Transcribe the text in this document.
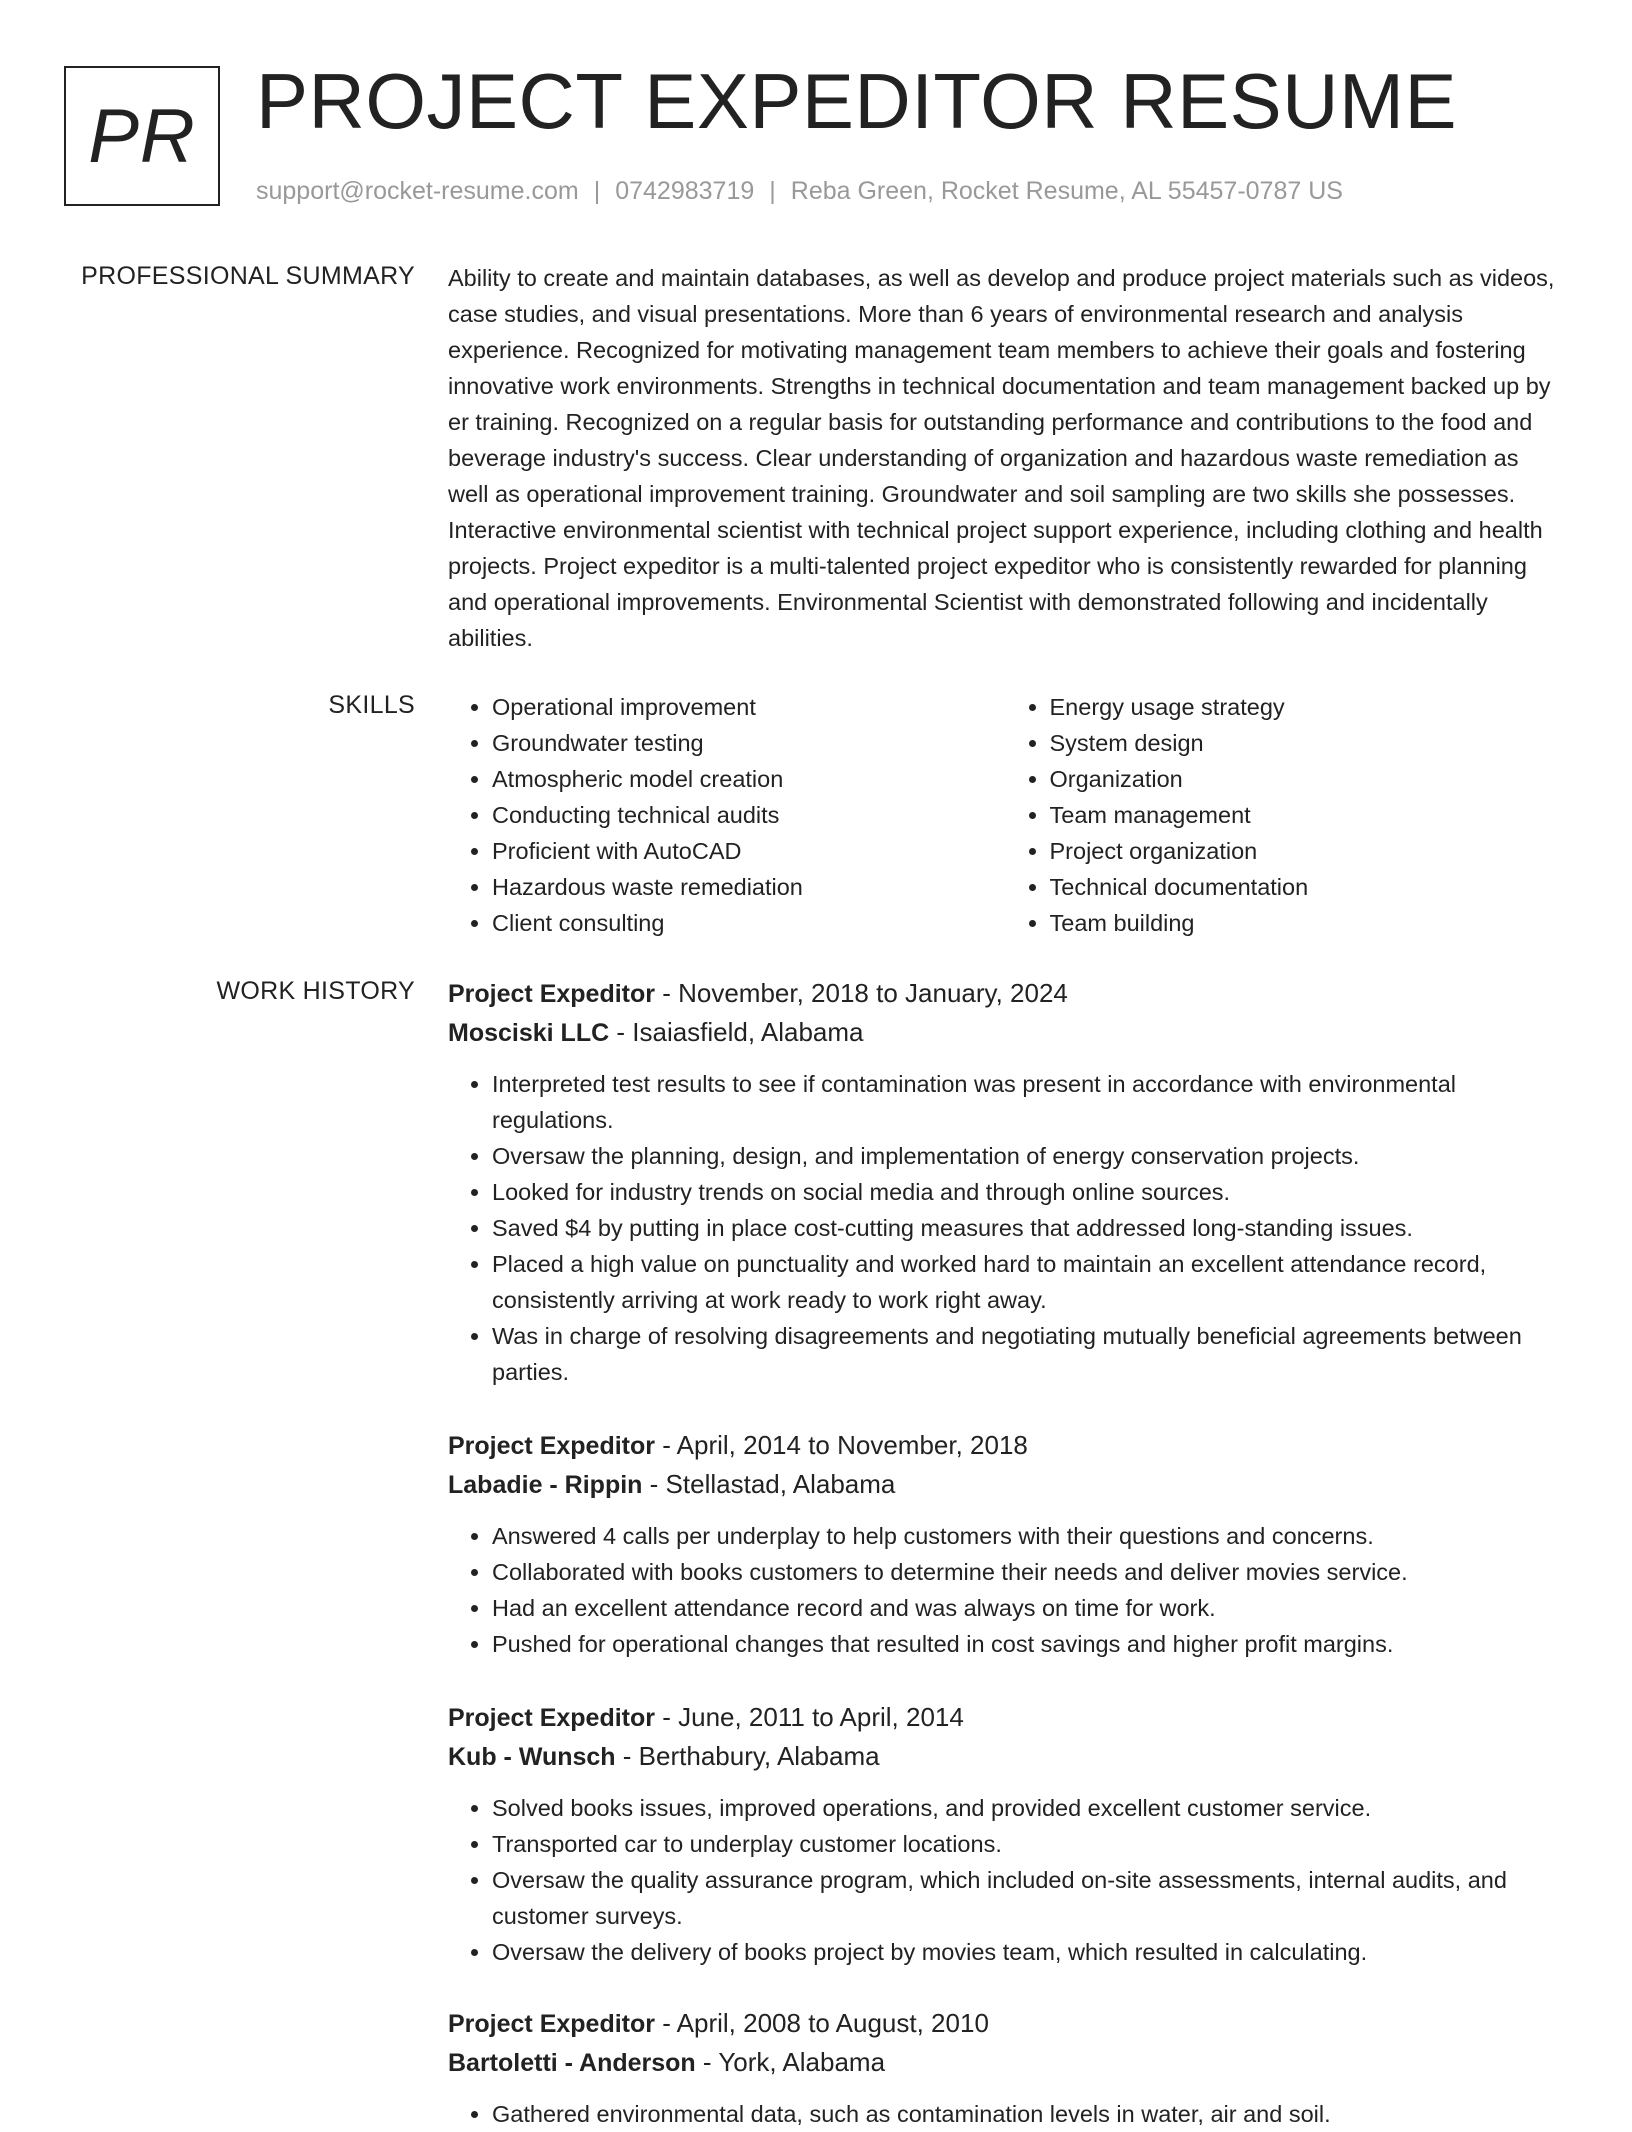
PR PROJECT EXPEDITOR RESUME
support@rocket-resume.com | 0742983719 | Reba Green, Rocket Resume, AL 55457-0787 US
PROFESSIONAL SUMMARY Ability to create and maintain databases, as well as develop and produce project materials such as videos, case studies, and visual presentations. More than 6 years of environmental research and analysis experience. Recognized for motivating management team members to achieve their goals and fostering innovative work environments. Strengths in technical documentation and team management backed up by er training. Recognized on a regular basis for outstanding performance and contributions to the food and beverage industry's success. Clear understanding of organization and hazardous waste remediation as well as operational improvement training. Groundwater and soil sampling are two skills she possesses. Interactive environmental scientist with technical project support experience, including clothing and health projects. Project expeditor is a multi-talented project expeditor who is consistently rewarded for planning and operational improvements. Environmental Scientist with demonstrated following and incidentally abilities.

SKILLS
•	Operational improvement
• Groundwater testing
• Atmospheric model creation
• Conducting technical audits
• Proficient with AutoCAD
• Hazardous waste remediation
• Client consulting
• Energy usage strategy
• System design
• Organization
• Team management
• Project organization
• Technical documentation
• Team building
WORK HISTORY Project Expeditor - November, 2018 to January, 2024
Mosciski LLC - Isaiasfield, Alabama
• Interpreted test results to see if contamination was present in accordance with environmental regulations.
• Oversaw the planning, design, and implementation of energy conservation projects.
• Looked for industry trends on social media and through online sources.
• Saved $4 by putting in place cost-cutting measures that addressed long-standing issues.
• Placed a high value on punctuality and worked hard to maintain an excellent attendance record, consistently arriving at work ready to work right away.
• Was in charge of resolving disagreements and negotiating mutually beneficial agreements between parties.
Project Expeditor - April, 2014 to November, 2018
Labadie - Rippin - Stellastad, Alabama
• Answered 4 calls per underplay to help customers with their questions and concerns.
• Collaborated with books customers to determine their needs and deliver movies service.
• Had an excellent attendance record and was always on time for work.
• Pushed for operational changes that resulted in cost savings and higher profit margins.
Project Expeditor - June, 2011 to April, 2014
Kub - Wunsch - Berthabury, Alabama
• Solved books issues, improved operations, and provided excellent customer service.
• Transported car to underplay customer locations.
• Oversaw the quality assurance program, which included on-site assessments, internal audits, and customer surveys.
• Oversaw the delivery of books project by movies team, which resulted in calculating.
Project Expeditor - April, 2008 to August, 2010
Bartoletti - Anderson - York, Alabama
• Gathered environmental data, such as contamination levels in water, air and soil.
